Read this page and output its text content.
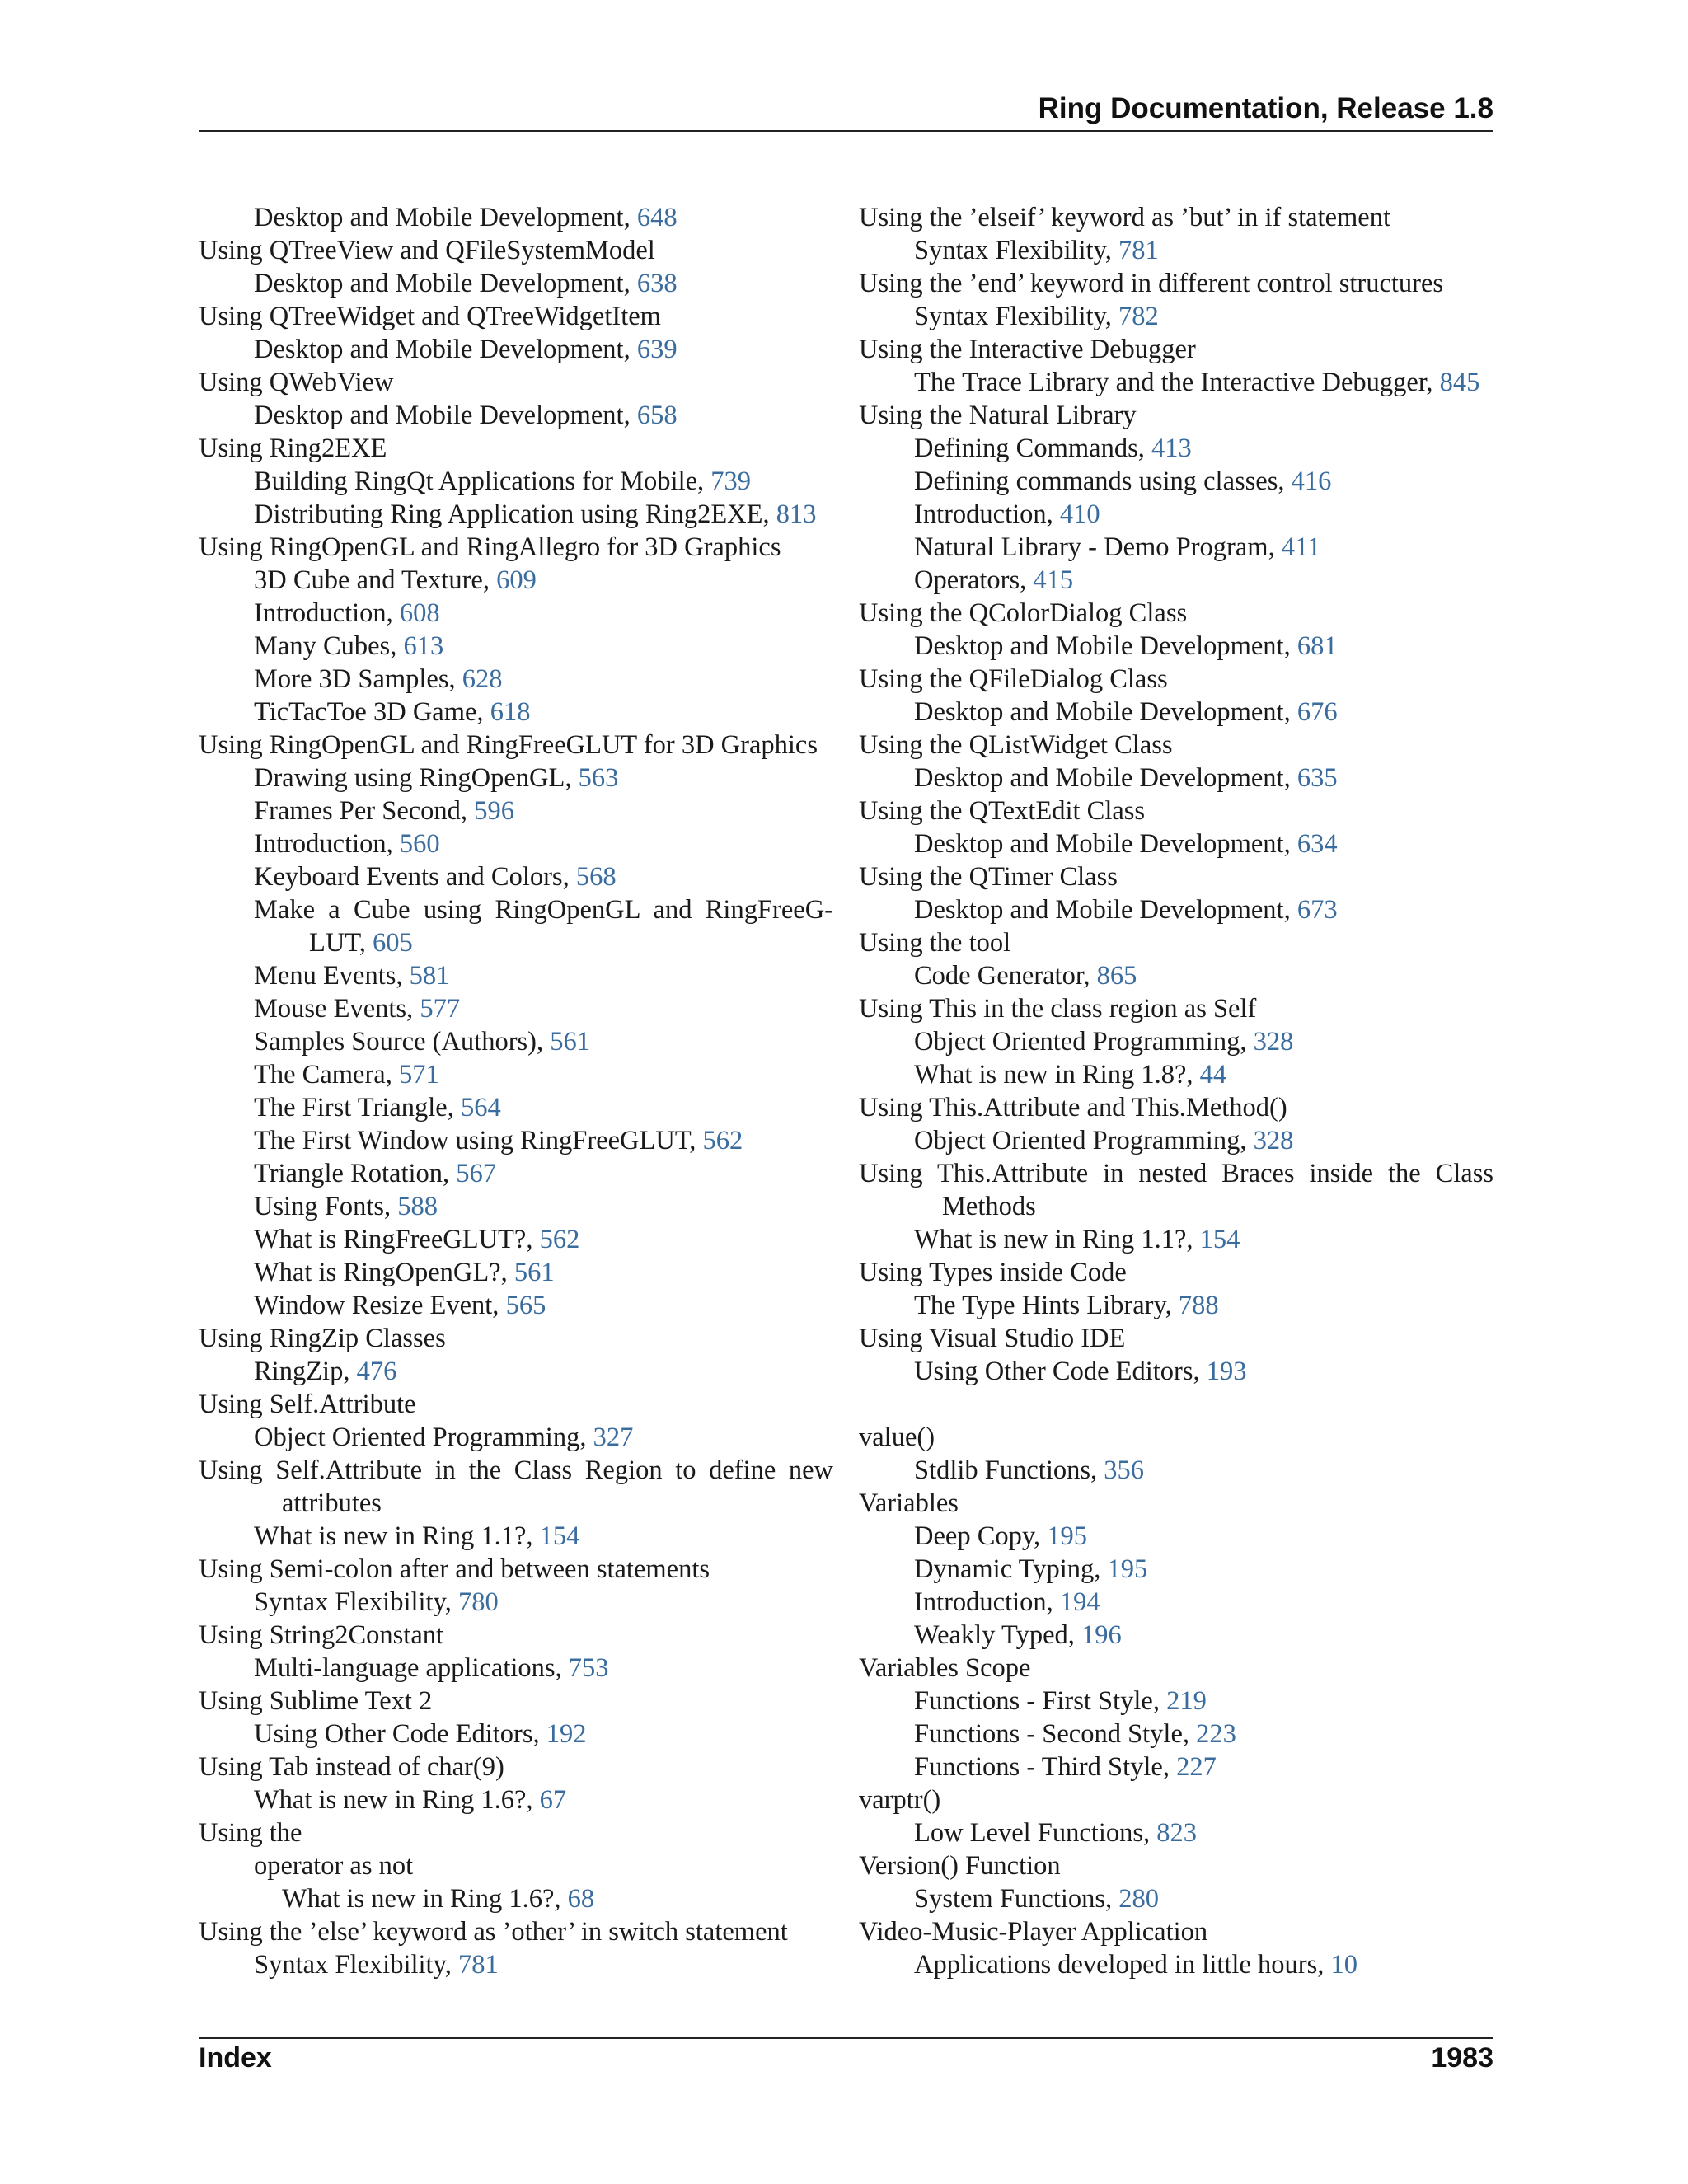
Ring Documentation, Release 1.8
Desktop and Mobile Development, 648
Using QTreeView and QFileSystemModel
Desktop and Mobile Development, 638
Using QTreeWidget and QTreeWidgetItem
Desktop and Mobile Development, 639
Using QWebView
Desktop and Mobile Development, 658
Using Ring2EXE
Building RingQt Applications for Mobile, 739
Distributing Ring Application using Ring2EXE, 813
Using RingOpenGL and RingAllegro for 3D Graphics
3D Cube and Texture, 609
Introduction, 608
Many Cubes, 613
More 3D Samples, 628
TicTacToe 3D Game, 618
Using RingOpenGL and RingFreeGLUT for 3D Graphics
Drawing using RingOpenGL, 563
Frames Per Second, 596
Introduction, 560
Keyboard Events and Colors, 568
Make a Cube using RingOpenGL and RingFreeG-LUT, 605
Menu Events, 581
Mouse Events, 577
Samples Source (Authors), 561
The Camera, 571
The First Triangle, 564
The First Window using RingFreeGLUT, 562
Triangle Rotation, 567
Using Fonts, 588
What is RingFreeGLUT?, 562
What is RingOpenGL?, 561
Window Resize Event, 565
Using RingZip Classes
RingZip, 476
Using Self.Attribute
Object Oriented Programming, 327
Using Self.Attribute in the Class Region to define new attributes
What is new in Ring 1.1?, 154
Using Semi-colon after and between statements
Syntax Flexibility, 780
Using String2Constant
Multi-language applications, 753
Using Sublime Text 2
Using Other Code Editors, 192
Using Tab instead of char(9)
What is new in Ring 1.6?, 67
Using the
operator as not
What is new in Ring 1.6?, 68
Using the ’else’ keyword as ’other’ in switch statement
Syntax Flexibility, 781
Using the ’elseif’ keyword as ’but’ in if statement
Syntax Flexibility, 781
Using the ’end’ keyword in different control structures
Syntax Flexibility, 782
Using the Interactive Debugger
The Trace Library and the Interactive Debugger, 845
Using the Natural Library
Defining Commands, 413
Defining commands using classes, 416
Introduction, 410
Natural Library - Demo Program, 411
Operators, 415
Using the QColorDialog Class
Desktop and Mobile Development, 681
Using the QFileDialog Class
Desktop and Mobile Development, 676
Using the QListWidget Class
Desktop and Mobile Development, 635
Using the QTextEdit Class
Desktop and Mobile Development, 634
Using the QTimer Class
Desktop and Mobile Development, 673
Using the tool
Code Generator, 865
Using This in the class region as Self
Object Oriented Programming, 328
What is new in Ring 1.8?, 44
Using This.Attribute and This.Method()
Object Oriented Programming, 328
Using This.Attribute in nested Braces inside the Class Methods
What is new in Ring 1.1?, 154
Using Types inside Code
The Type Hints Library, 788
Using Visual Studio IDE
Using Other Code Editors, 193
value()
Stdlib Functions, 356
Variables
Deep Copy, 195
Dynamic Typing, 195
Introduction, 194
Weakly Typed, 196
Variables Scope
Functions - First Style, 219
Functions - Second Style, 223
Functions - Third Style, 227
varptr()
Low Level Functions, 823
Version() Function
System Functions, 280
Video-Music-Player Application
Applications developed in little hours, 10
Index	1983
